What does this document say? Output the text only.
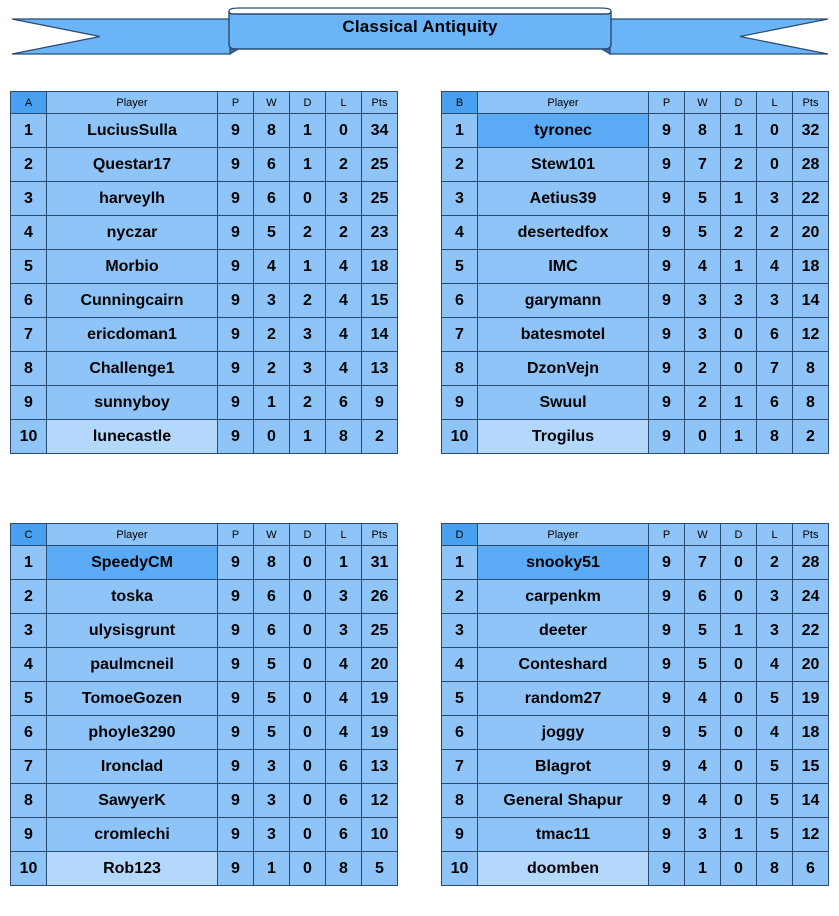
Classical Antiquity
A	Player	P	W	D	L	Pts
1	LuciusSulla	9	8	1	0	34
2	Questar17	9	6	1	2	25
3	harveylh	9	6	0	3	25
4	nyczar	9	5	2	2	23
5	Morbio	9	4	1	4	18
6	Cunningcairn	9	3	2	4	15
7	ericdoman1	9	2	3	4	14
8	Challenge1	9	2	3	4	13
9	sunnyboy	9	1	2	6	9
10	lunecastle	9	0	1	8	2
B	Player	P	W	D	L	Pts
1	tyronec	9	8	1	0	32
2	Stew101	9	7	2	0	28
3	Aetius39	9	5	1	3	22
4	desertedfox	9	5	2	2	20
5	IMC	9	4	1	4	18
6	garymann	9	3	3	3	14
7	batesmotel	9	3	0	6	12
8	DzonVejn	9	2	0	7	8
9	Swuul	9	2	1	6	8
10	Trogilus	9	0	1	8	2
C	Player	P	W	D	L	Pts
1	SpeedyCM	9	8	0	1	31
2	toska	9	6	0	3	26
3	ulysisgrunt	9	6	0	3	25
4	paulmcneil	9	5	0	4	20
5	TomoeGozen	9	5	0	4	19
6	phoyle3290	9	5	0	4	19
7	Ironclad	9	3	0	6	13
8	SawyerK	9	3	0	6	12
9	cromlechi	9	3	0	6	10
10	Rob123	9	1	0	8	5
D	Player	P	W	D	L	Pts
1	snooky51	9	7	0	2	28
2	carpenkm	9	6	0	3	24
3	deeter	9	5	1	3	22
4	Conteshard	9	5	0	4	20
5	random27	9	4	0	5	19
6	joggy	9	5	0	4	18
7	Blagrot	9	4	0	5	15
8	General Shapur	9	4	0	5	14
9	tmac11	9	3	1	5	12
10	doomben	9	1	0	8	6
